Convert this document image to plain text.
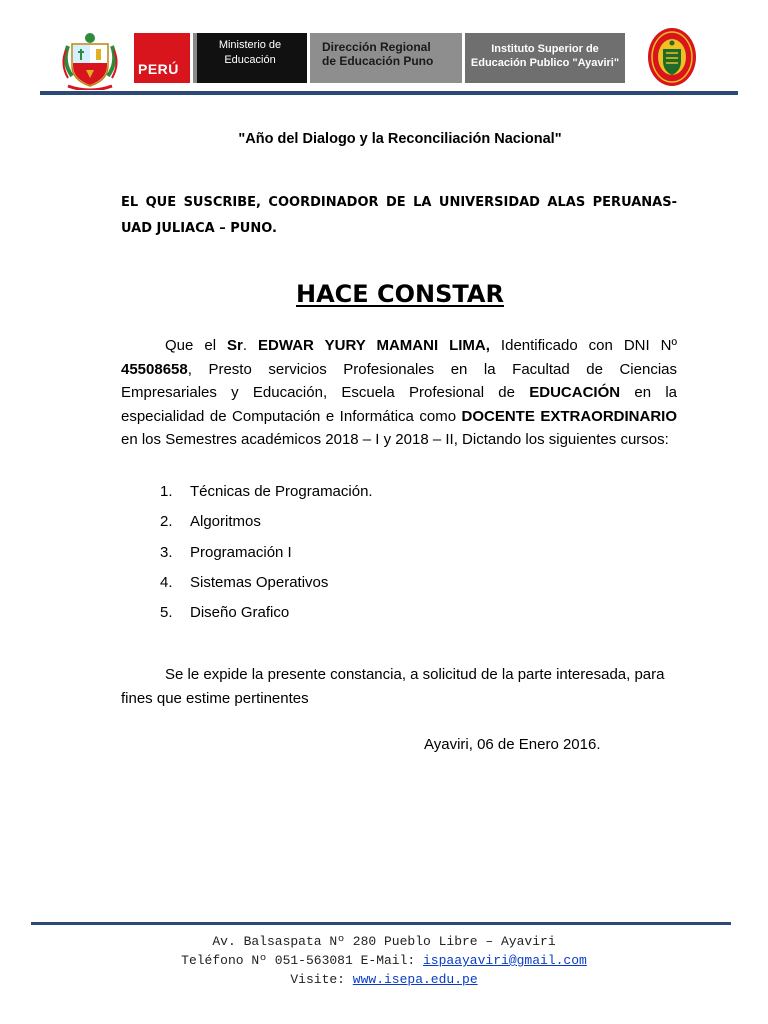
PERÚ
Ministerio de
Educación
Dirección Regional
de Educación Puno
Instituto Superior de
Educación Publico "Ayaviri"
"Año del Dialogo y la Reconciliación Nacional"
EL QUE SUSCRIBE, COORDINADOR DE LA UNIVERSIDAD ALAS PERUANAS-UAD JULIACA – PUNO.
HACE CONSTAR
Que el Sr. EDWAR YURY MAMANI LIMA, Identificado con DNI Nº 45508658, Presto servicios Profesionales en la Facultad de Ciencias Empresariales y Educación, Escuela Profesional de EDUCACIÓN en la especialidad de Computación e Informática como DOCENTE EXTRAORDINARIO en los Semestres académicos 2018 – I y 2018 – II, Dictando los siguientes cursos:
1. Técnicas de Programación.
2. Algoritmos
3. Programación I
4. Sistemas Operativos
5. Diseño Grafico
Se le expide la presente constancia, a solicitud de la parte interesada, para fines que estime pertinentes
Ayaviri, 06 de Enero 2016.
Av. Balsaspata Nº 280 Pueblo Libre – Ayaviri
Teléfono Nº 051-563081 E-Mail: ispaayaviri@gmail.com
Visite: www.isepa.edu.pe
